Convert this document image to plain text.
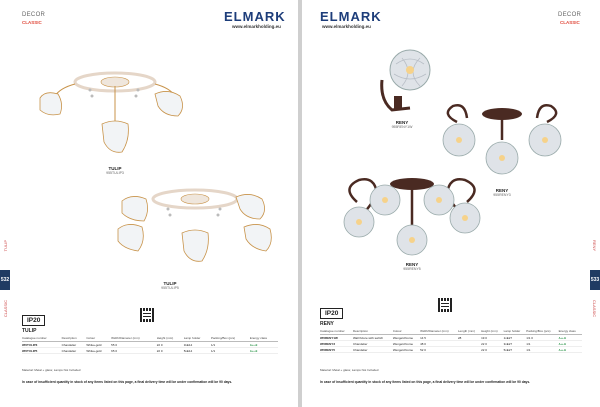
DECOR
CLASSIC	ELMARK
www.elmarkholding.eu
TULIP
532
CLASSIC
TULIP
955TULIP3
TULIP
955TULIP5
IP20
TULIP
Catalogue number	Description	Colour	Width/Diameter (mm)	Height (mm)	Lamp holder	Packing/Box (pcs)	Energy class
955TULIP3	Chandelier	White+gold	55 0	22 0	3xE14	1/1	A++-E
955TULIP5	Chandelier	White+gold	65 0	22 0	5xE14	1/1	A++-E
Material: Metal + glass; Lamps Not Included
In case of insufficient quantity in stock of any items listed on this page, a final delivery time will be under confirmation will be 90 days.
ELMARK
www.elmarkholding.eu
DECOR
CLASSIC
RENY
533
CLASSIC
RENY
955RENY1W
RENY
955RENY3
RENY
955RENY5
IP20
RENY
Catalogue number	Description	Colour	Width/Diameter (mm)	Length (mm)	Height (mm)	Lamp holder	Packing/Box (pcs)	Energy class
955RENY1W	Wall fixture with switch	Wenge/chrome	14 5	28	19 0	1xE27	1/1 0	A++-E
955RENY3	Chandelier	Wenge/chrome	48 0		22 0	3xE27	1/1	A++-E
955RENY5	Chandelier	Wenge/chrome	52 0		22 0	5xE27	1/1	A++-E
Material: Metal + glass; Lamps Not Included
In case of insufficient quantity in stock of any items listed on this page, a final delivery time will be under confirmation will be 90 days.
